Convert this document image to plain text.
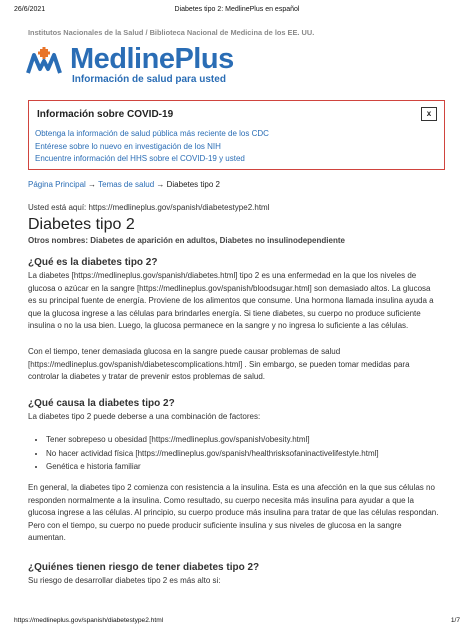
26/6/2021	Diabetes tipo 2: MedlinePlus en español
Institutos Nacionales de la Salud / Biblioteca Nacional de Medicina de los EE. UU.
MedlinePlus
Información de salud para usted
Información sobre COVID-19	x
Obtenga la información de salud pública más reciente de los CDC
Entérese sobre lo nuevo en investigación de los NIH
Encuentre información del HHS sobre el COVID-19 y usted
Página Principal → Temas de salud → Diabetes tipo 2
Usted está aquí: https://medlineplus.gov/spanish/diabetestype2.html
Diabetes tipo 2
Otros nombres: Diabetes de aparición en adultos, Diabetes no insulinodependiente
¿Qué es la diabetes tipo 2?
La diabetes [https://medlineplus.gov/spanish/diabetes.html] tipo 2 es una enfermedad en la que los niveles de
glucosa o azúcar en la sangre [https://medlineplus.gov/spanish/bloodsugar.html] son demasiado altos. La glucosa
es su principal fuente de energía. Proviene de los alimentos que consume. Una hormona llamada insulina ayuda a
que la glucosa ingrese a las células para brindarles energía. Si tiene diabetes, su cuerpo no produce suficiente
insulina o no la usa bien. Luego, la glucosa permanece en la sangre y no ingresa lo suficiente a las células.
Con el tiempo, tener demasiada glucosa en la sangre puede causar problemas de salud
[https://medlineplus.gov/spanish/diabetescomplications.html] . Sin embargo, se pueden tomar medidas para
controlar la diabetes y tratar de prevenir estos problemas de salud.
¿Qué causa la diabetes tipo 2?
La diabetes tipo 2 puede deberse a una combinación de factores:
• Tener sobrepeso u obesidad [https://medlineplus.gov/spanish/obesity.html]
• No hacer actividad física [https://medlineplus.gov/spanish/healthrisksofaninactivelifestyle.html]
• Genética e historia familiar
En general, la diabetes tipo 2 comienza con resistencia a la insulina. Esta es una afección en la que sus células no
responden normalmente a la insulina. Como resultado, su cuerpo necesita más insulina para ayudar a que la
glucosa ingrese a las células. Al principio, su cuerpo produce más insulina para tratar de que las células respondan.
Pero con el tiempo, su cuerpo no puede producir suficiente insulina y sus niveles de glucosa en la sangre
aumentan.
¿Quiénes tienen riesgo de tener diabetes tipo 2?
Su riesgo de desarrollar diabetes tipo 2 es más alto si:
https://medlineplus.gov/spanish/diabetestype2.html	1/7
